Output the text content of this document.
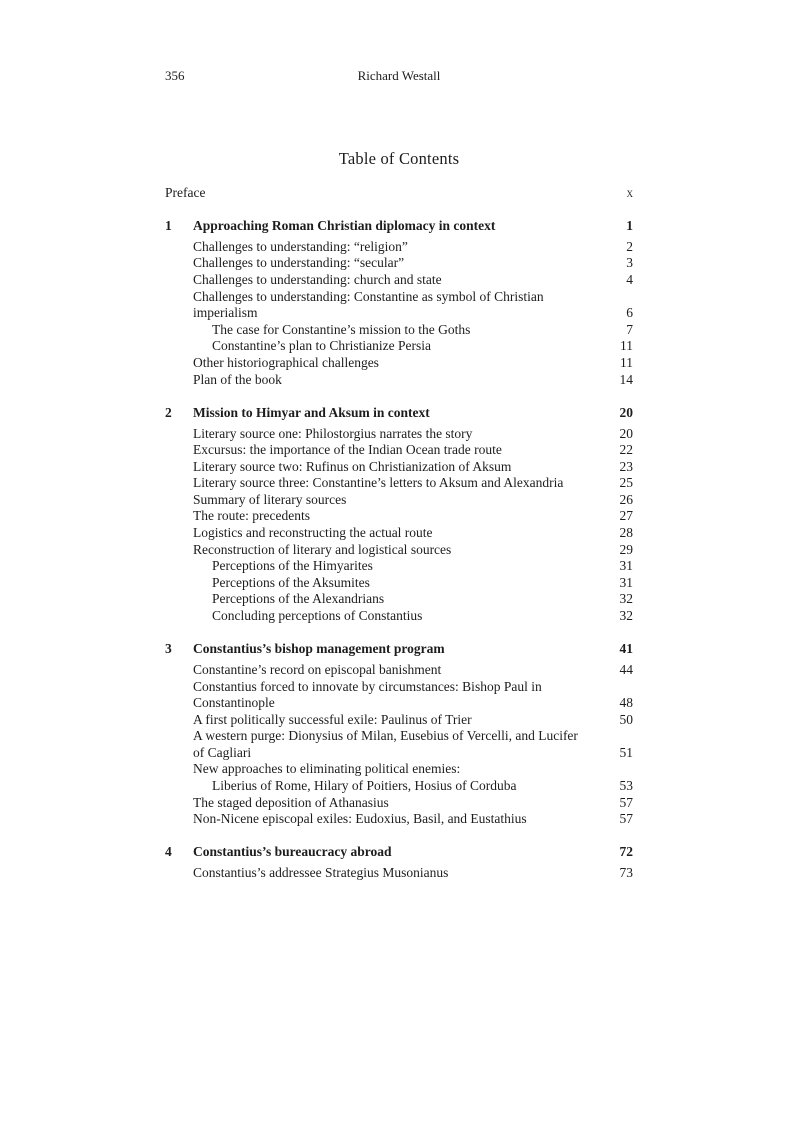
356	Richard Westall
Table of Contents
Preface	x
1	Approaching Roman Christian diplomacy in context	1
Challenges to understanding: “religion”	2
Challenges to understanding: “secular”	3
Challenges to understanding: church and state	4
Challenges to understanding: Constantine as symbol of Christian
imperialism	6
The case for Constantine’s mission to the Goths	7
Constantine’s plan to Christianize Persia	11
Other historiographical challenges	11
Plan of the book	14
2	Mission to Himyar and Aksum in context	20
Literary source one: Philostorgius narrates the story	20
Excursus: the importance of the Indian Ocean trade route	22
Literary source two: Rufinus on Christianization of Aksum	23
Literary source three: Constantine’s letters to Aksum and Alexandria	25
Summary of literary sources	26
The route: precedents	27
Logistics and reconstructing the actual route	28
Reconstruction of literary and logistical sources	29
Perceptions of the Himyarites	31
Perceptions of the Aksumites	31
Perceptions of the Alexandrians	32
Concluding perceptions of Constantius	32
3	Constantius’s bishop management program	41
Constantine’s record on episcopal banishment	44
Constantius forced to innovate by circumstances: Bishop Paul in
Constantinople	48
A first politically successful exile: Paulinus of Trier	50
A western purge: Dionysius of Milan, Eusebius of Vercelli, and Lucifer
of Cagliari	51
New approaches to eliminating political enemies:
Liberius of Rome, Hilary of Poitiers, Hosius of Corduba	53
The staged deposition of Athanasius	57
Non-Nicene episcopal exiles: Eudoxius, Basil, and Eustathius	57
4	Constantius’s bureaucracy abroad	72
Constantius’s addressee Strategius Musonianus	73
